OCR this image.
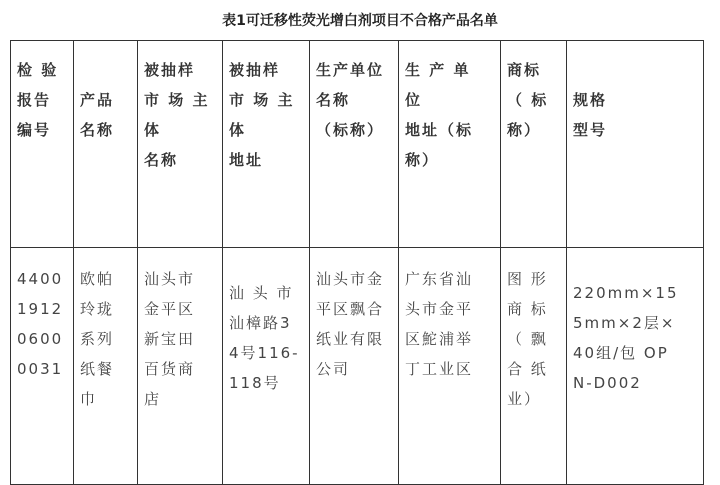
表1可迁移性荧光增白剂项目不合格产品名单
检 验
报告
编号	产品
名称	被抽样
市 场 主
体
名称	被抽样
市 场 主
体
地址	生产单位
名称
（标称）	生 产 单 位
地址（标
称）	商标
（ 标
称）	规格
型号

4400
1912
0600
0031	欧帕
玲珑
系列
纸餐
巾	汕头市
金平区
新宝田
百货商
店	汕 头 市
汕樟路3
4号116-
118号	汕头市金
平区飘合
纸业有限
公司	广东省汕
头市金平
区鮀浦举
丁工业区	图 形
商 标
（ 飘
合 纸
业）	220mm×15
5mm×2层×
40组/包 OP
N-D002
